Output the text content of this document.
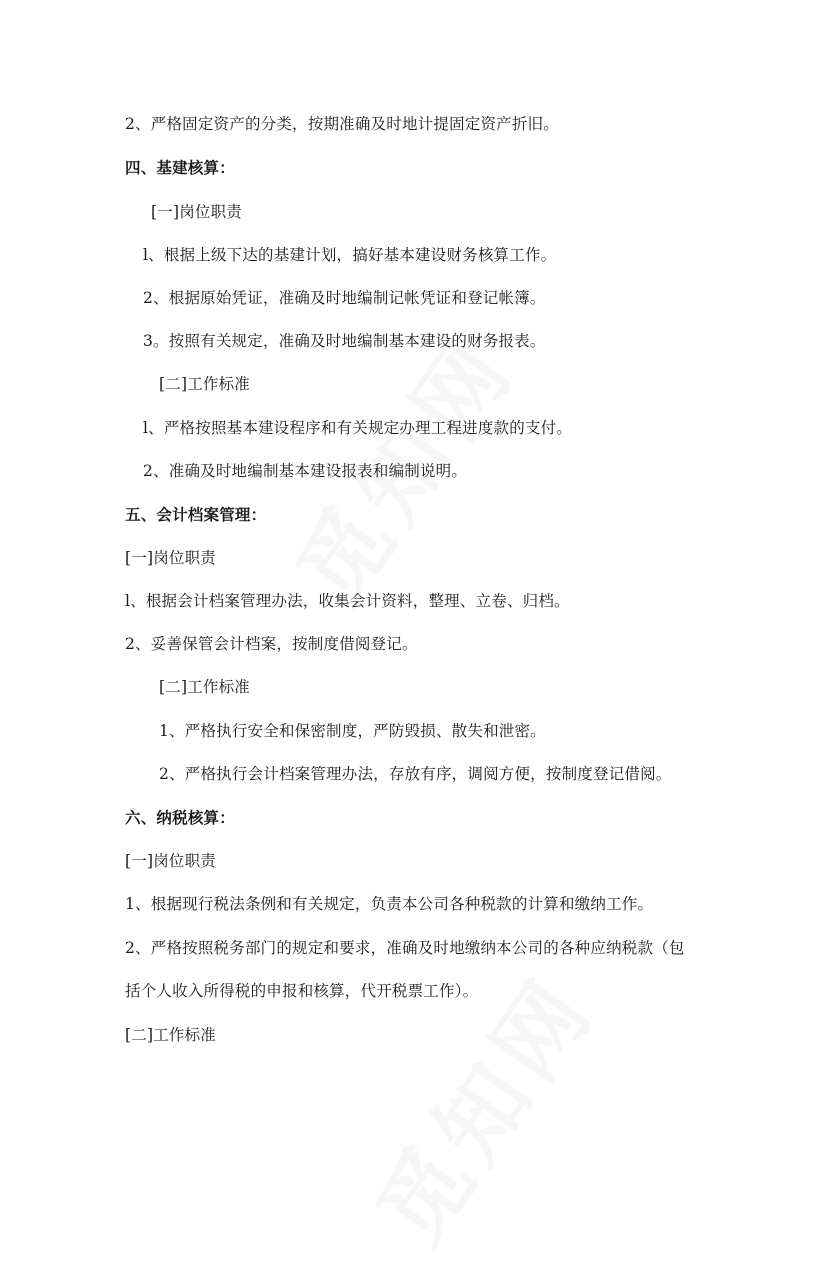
2、严格固定资产的分类，按期准确及时地计提固定资产折旧。
四、基建核算：
[一]岗位职责
l、根据上级下达的基建计划，搞好基本建设财务核算工作。
2、根据原始凭证，准确及时地编制记帐凭证和登记帐簿。
3。按照有关规定，准确及时地编制基本建设的财务报表。
[二]工作标准
l、严格按照基本建设程序和有关规定办理工程进度款的支付。
2、准确及时地编制基本建设报表和编制说明。
五、会计档案管理：
[一]岗位职责
l、根据会计档案管理办法，收集会计资料，整理、立卷、归档。
2、妥善保管会计档案，按制度借阅登记。
[二]工作标准
1、严格执行安全和保密制度，严防毁损、散失和泄密。
2、严格执行会计档案管理办法，存放有序，调阅方便，按制度登记借阅。
六、纳税核算：
[一]岗位职责
1、根据现行税法条例和有关规定，负责本公司各种税款的计算和缴纳工作。
2、严格按照税务部门的规定和要求，准确及时地缴纳本公司的各种应纳税款（包
括个人收入所得税的申报和核算，代开税票工作）。
[二]工作标准
